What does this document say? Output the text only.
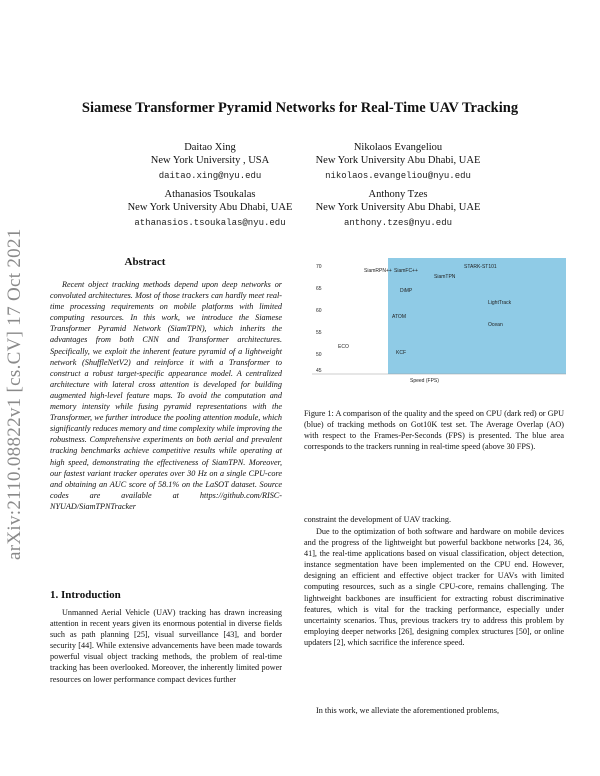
arXiv:2110.08822v1 [cs.CV] 17 Oct 2021
Siamese Transformer Pyramid Networks for Real-Time UAV Tracking
Daitao Xing
New York University , USA
daitao.xing@nyu.edu
Nikolaos Evangeliou
New York University Abu Dhabi, UAE
nikolaos.evangeliou@nyu.edu
Athanasios Tsoukalas
New York University Abu Dhabi, UAE
athanasios.tsoukalas@nyu.edu
Anthony Tzes
New York University Abu Dhabi, UAE
anthony.tzes@nyu.edu
Abstract
Recent object tracking methods depend upon deep networks or convoluted architectures. Most of those trackers can hardly meet real-time processing requirements on mobile platforms with limited computing resources. In this work, we introduce the Siamese Transformer Pyramid Network (SiamTPN), which inherits the advantages from both CNN and Transformer architectures. Specifically, we exploit the inherent feature pyramid of a lightweight network (ShuffleNetV2) and reinforce it with a Transformer to construct a robust target-specific appearance model. A centralized architecture with lateral cross attention is developed for building augmented high-level feature maps. To avoid the computation and memory intensity while fusing pyramid representations with the Transformer, we further introduce the pooling attention module, which significantly reduces memory and time complexity while improving the robustness. Comprehensive experiments on both aerial and prevalent tracking benchmarks achieve competitive results while operating at high speed, demonstrating the effectiveness of SiamTPN. Moreover, our fastest variant tracker operates over 30 Hz on a single CPU-core and obtaining an AUC score of 58.1% on the LaSOT dataset. Source codes are available at https://github.com/RISC-NYUAD/SiamTPNTracker
1. Introduction
Unmanned Aerial Vehicle (UAV) tracking has drawn increasing attention in recent years given its enormous potential in diverse fields such as path planning [25], visual surveillance [43], and border security [44]. While extensive advancements have been made towards powerful visual object tracking methods, the problem of real-time tracking has been overlooked. Moreover, the inherently limited power resources on lower performance compact devices further
70
65
60
55
50
45
STARK-ST101
SiamTPN
LightTrack
DiMP
SiamFC++
Ocean
ATOM
SiamRPN++
ECO
KCF
Speed (FPS)
Figure 1: A comparison of the quality and the speed on CPU (dark red) or GPU (blue) of tracking methods on Got10K test set. The Average Overlap (AO) with respect to the Frames-Per-Seconds (FPS) is presented. The blue area corresponds to the trackers running in real-time speed (above 30 FPS).
constraint the development of UAV tracking.
Due to the optimization of both software and hardware on mobile devices and the progress of the lightweight but powerful backbone networks [24, 36, 41], the real-time applications based on visual classification, object detection, instance segmentation have been implemented on the CPU end. However, designing an efficient and effective object tracker for UAVs with limited computing resources, such as a single CPU-core, remains challenging. The lightweight backbones are insufficient for extracting robust discriminative features, which is vital for the tracking performance, especially under uncertainty scenarios. Thus, previous trackers try to address this problem by employing deeper networks [26], designing complex structures [50], or online updaters [2], which sacrifice the inference speed.
In this work, we alleviate the aforementioned problems,
